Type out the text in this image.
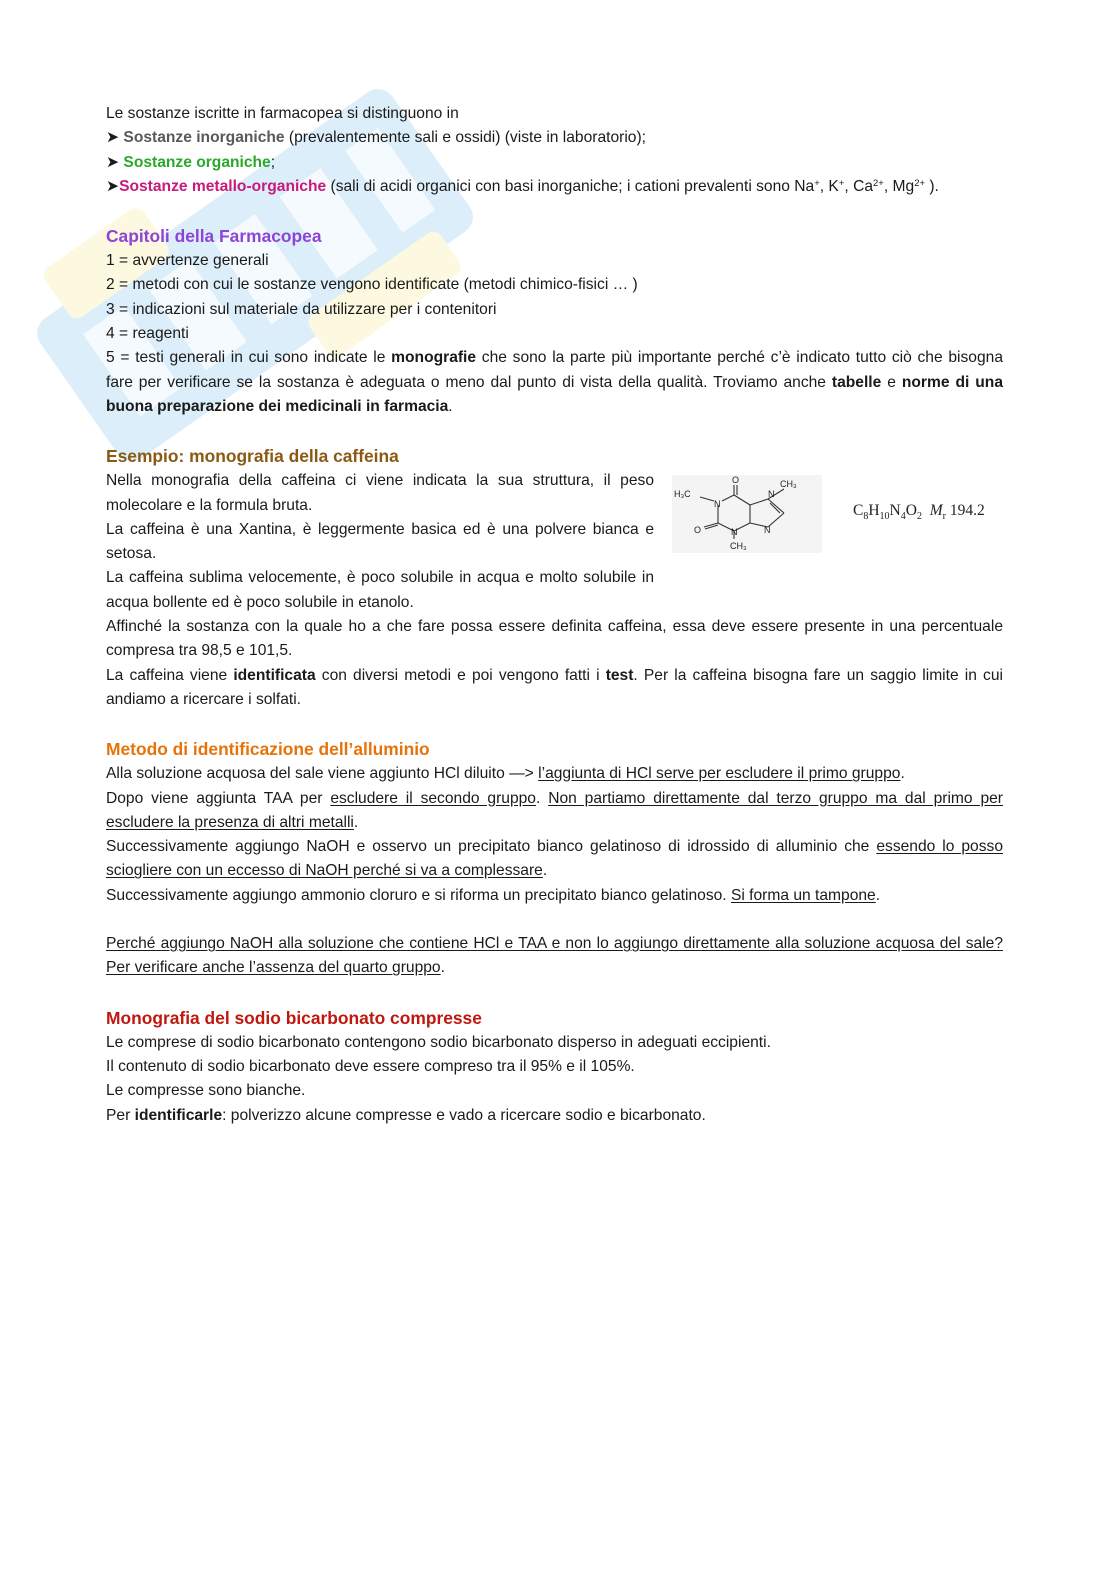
Le sostanze iscritte in farmacopea si distinguono in

➤ Sostanze inorganiche (prevalentemente sali e ossidi) (viste in laboratorio);

➤ Sostanze organiche;

➤Sostanze metallo-organiche (sali di acidi organici con basi inorganiche; i cationi prevalenti sono Na+, K+, $Ca^{2+}$, $Mg^{2+}$ ).

Capitoli della Farmacopea

1 = avvertenze generali

2 = metodi con cui le sostanze vengono identificate (metodi chimico-fisici … )

3 = indicazioni sul materiale da utilizzare per i contenitori

4 = reagenti

5 = testi generali in cui sono indicate le monografie che sono la parte più importante perché c’è indicato tutto ciò che bisogna fare per verificare se la sostanza è adeguata o meno dal punto di vista della qualità. Troviamo anche tabelle e norme di una buona preparazione dei medicinali in farmacia.

Esempio: monografia della caffeina

Nella monografia della caffeina ci viene indicata la sua struttura, il peso molecolare e la formula bruta.

La caffeina è una Xantina, è leggermente basica ed è una polvere bianca e setosa.

La caffeina sublima velocemente, è poco solubile in acqua e molto solubile in acqua bollente ed è poco solubile in etanolo.

H₃C
N
O
O	N
CH₃
CH₃
N
N
$C_8H_{10}N_4O_2$ $M_r$ 194.2

Affinché la sostanza con la quale ho a che fare possa essere definita caffeina, essa deve essere presente in una percentuale compresa tra 98,5 e 101,5.

La caffeina viene identificata con diversi metodi e poi vengono fatti i test. Per la caffeina bisogna fare un saggio limite in cui andiamo a ricercare i solfati.

Metodo di identificazione dell’alluminio

Alla soluzione acquosa del sale viene aggiunto HCl diluito —> l’aggiunta di HCl serve per escludere il primo gruppo.

Dopo viene aggiunta TAA per escludere il secondo gruppo. Non partiamo direttamente dal terzo gruppo ma dal primo per escludere la presenza di altri metalli.

Successivamente aggiungo NaOH e osservo un precipitato bianco gelatinoso di idrossido di alluminio che essendo lo posso sciogliere con un eccesso di NaOH perché si va a complessare.

Successivamente aggiungo ammonio cloruro e si riforma un precipitato bianco gelatinoso. Si forma un tampone.

Perché aggiungo NaOH alla soluzione che contiene HCl e TAA e non lo aggiungo direttamente alla soluzione acquosa del sale? Per verificare anche l’assenza del quarto gruppo.

Monografia del sodio bicarbonato compresse

Le comprese di sodio bicarbonato contengono sodio bicarbonato disperso in adeguati eccipienti.

Il contenuto di sodio bicarbonato deve essere compreso tra il 95% e il 105%.

Le compresse sono bianche.

Per identificarle: polverizzo alcune compresse e vado a ricercare sodio e bicarbonato.
